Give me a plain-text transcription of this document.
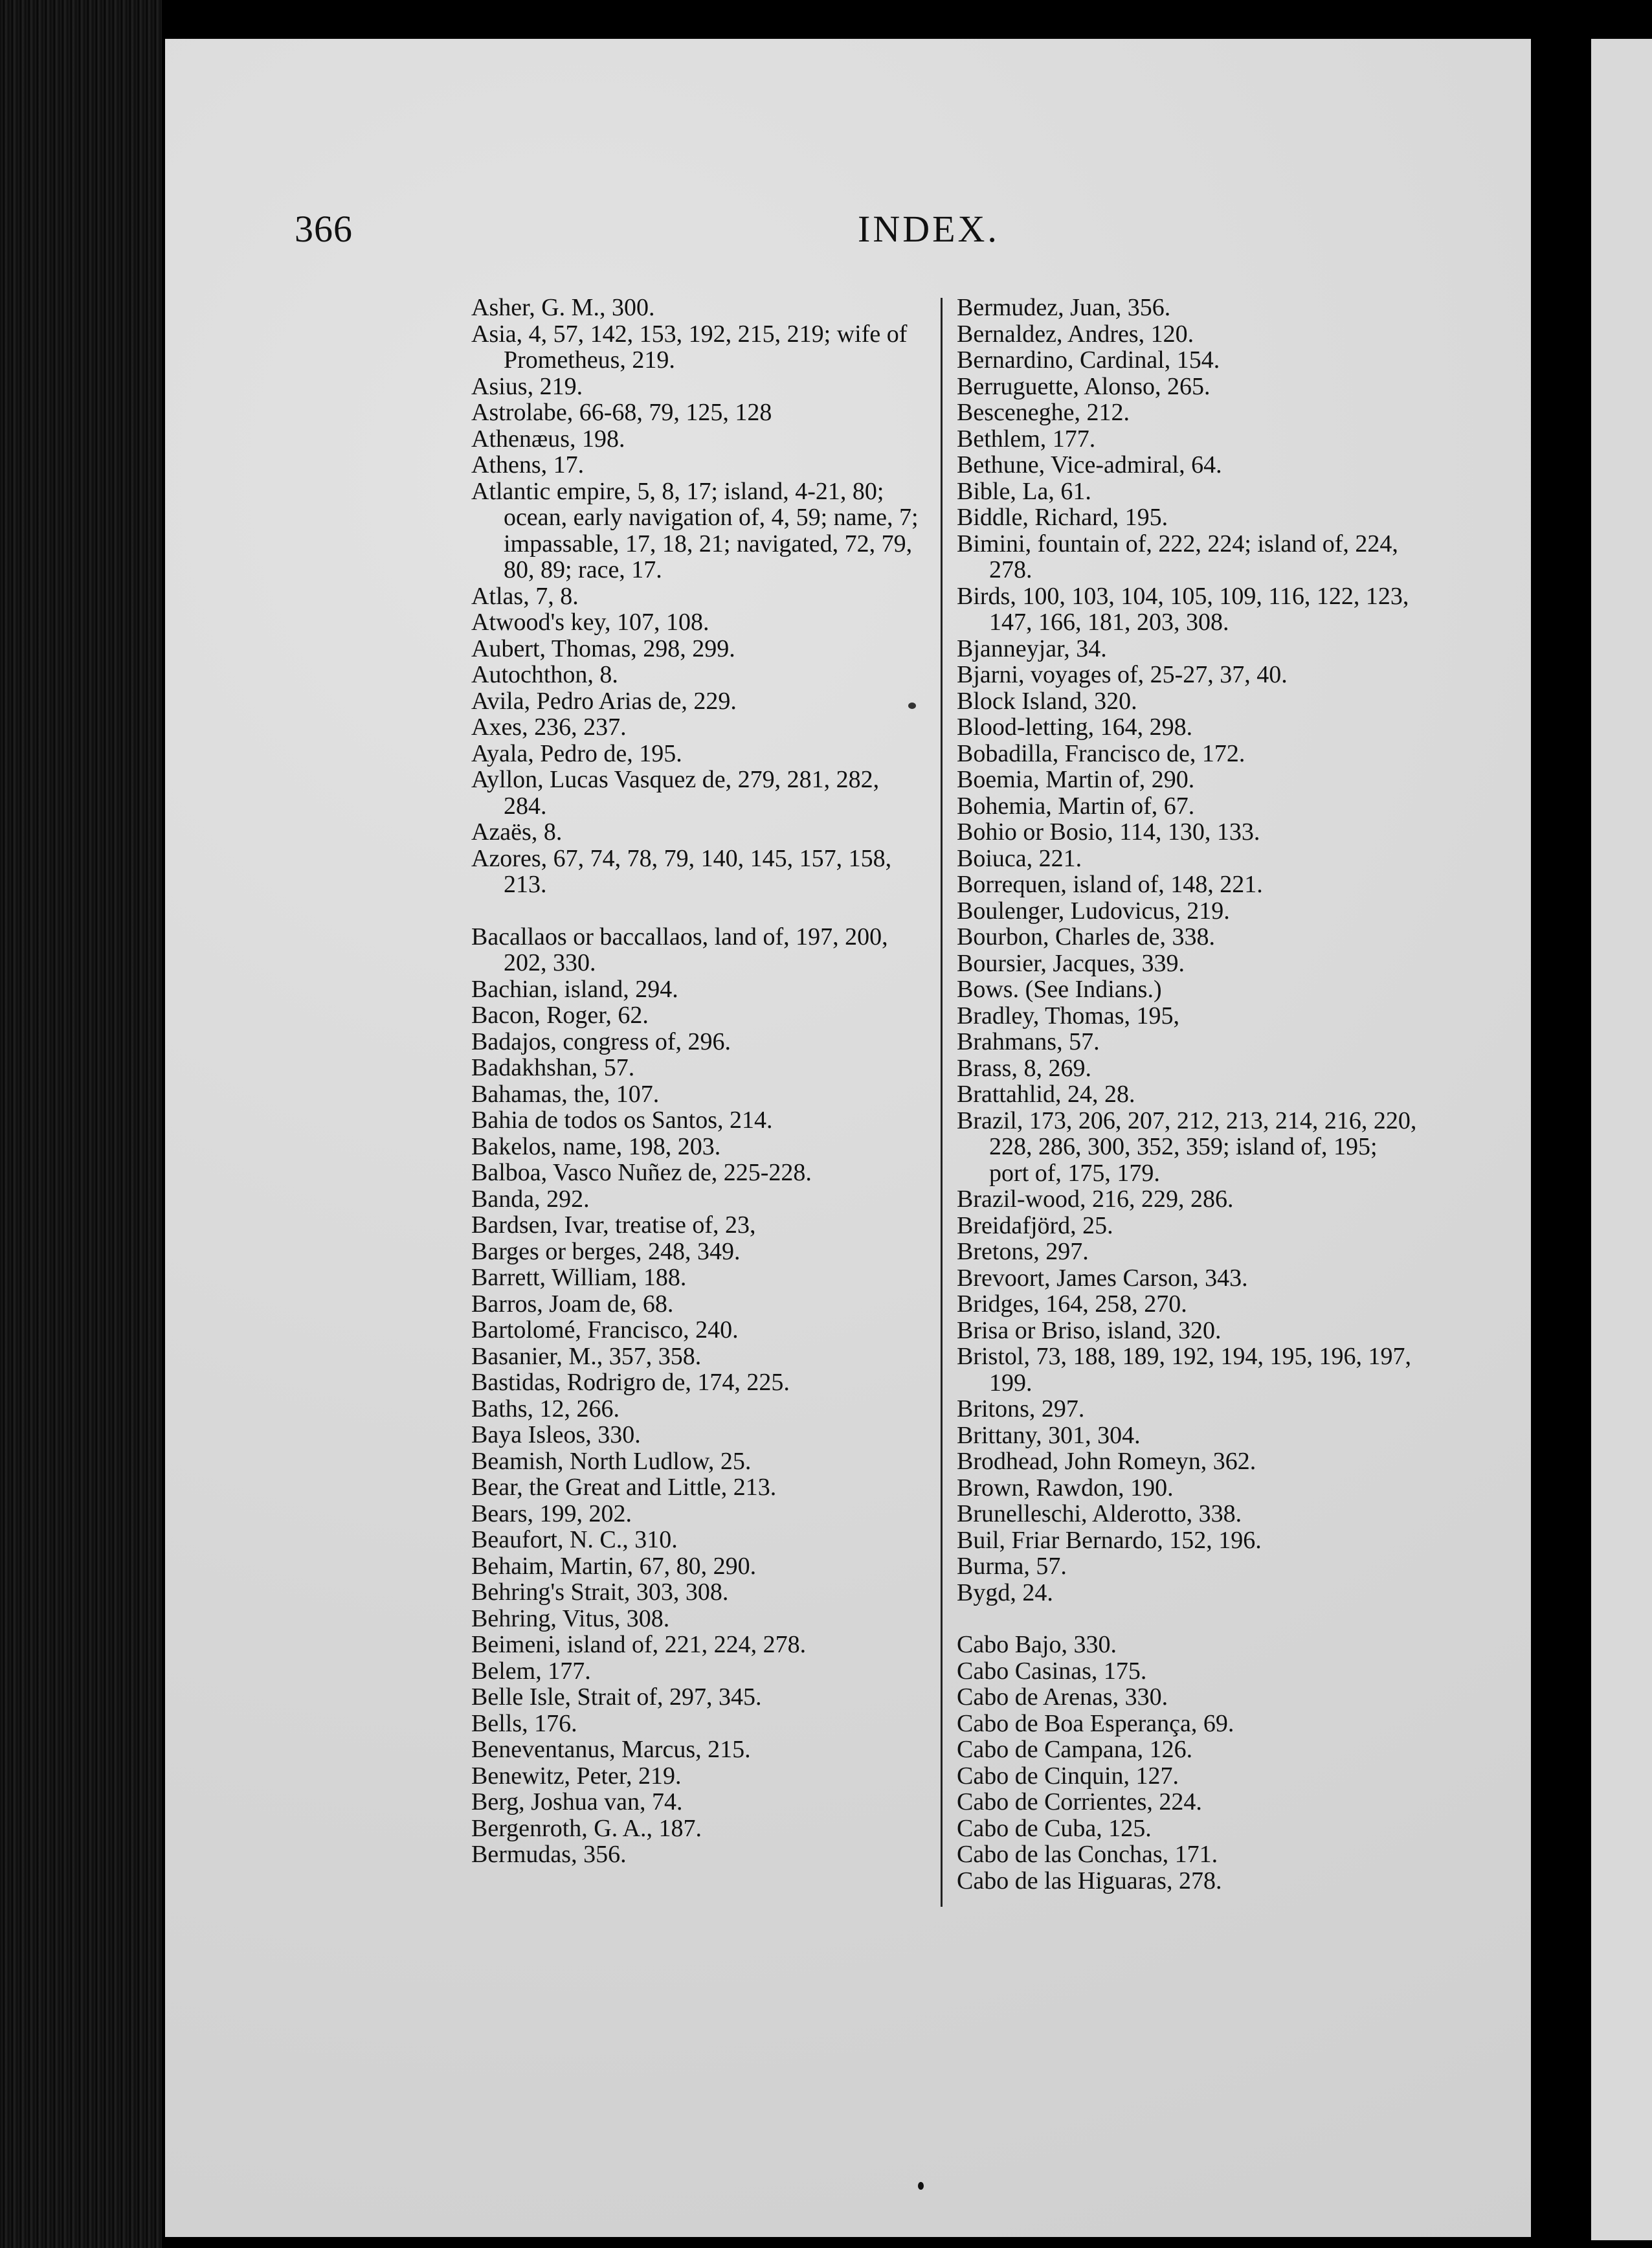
366	INDEX.
Asher, G. M., 300.
Asia, 4, 57, 142, 153, 192, 215, 219; wife of Prometheus, 219.
Asius, 219.
Astrolabe, 66-68, 79, 125, 128
Athenæus, 198.
Athens, 17.
Atlantic empire, 5, 8, 17; island, 4-21, 80; ocean, early navigation of, 4, 59; name, 7; impassable, 17, 18, 21; navigated, 72, 79, 80, 89; race, 17.
Atlas, 7, 8.
Atwood's key, 107, 108.
Aubert, Thomas, 298, 299.
Autochthon, 8.
Avila, Pedro Arias de, 229.
Axes, 236, 237.
Ayala, Pedro de, 195.
Ayllon, Lucas Vasquez de, 279, 281, 282, 284.
Azaës, 8.
Azores, 67, 74, 78, 79, 140, 145, 157, 158, 213.
Bacallaos or baccallaos, land of, 197, 200, 202, 330.
Bachian, island, 294.
Bacon, Roger, 62.
Badajos, congress of, 296.
Badakhshan, 57.
Bahamas, the, 107.
Bahia de todos os Santos, 214.
Bakelos, name, 198, 203.
Balboa, Vasco Nuñez de, 225-228.
Banda, 292.
Bardsen, Ivar, treatise of, 23,
Barges or berges, 248, 349.
Barrett, William, 188.
Barros, Joam de, 68.
Bartolomé, Francisco, 240.
Basanier, M., 357, 358.
Bastidas, Rodrigro de, 174, 225.
Baths, 12, 266.
Baya Isleos, 330.
Beamish, North Ludlow, 25.
Bear, the Great and Little, 213.
Bears, 199, 202.
Beaufort, N. C., 310.
Behaim, Martin, 67, 80, 290.
Behring's Strait, 303, 308.
Behring, Vitus, 308.
Beimeni, island of, 221, 224, 278.
Belem, 177.
Belle Isle, Strait of, 297, 345.
Bells, 176.
Beneventanus, Marcus, 215.
Benewitz, Peter, 219.
Berg, Joshua van, 74.
Bergenroth, G. A., 187.
Bermudas, 356.
Bermudez, Juan, 356.
Bernaldez, Andres, 120.
Bernardino, Cardinal, 154.
Berruguette, Alonso, 265.
Besceneghe, 212.
Bethlem, 177.
Bethune, Vice-admiral, 64.
Bible, La, 61.
Biddle, Richard, 195.
Bimini, fountain of, 222, 224; island of, 224, 278.
Birds, 100, 103, 104, 105, 109, 116, 122, 123, 147, 166, 181, 203, 308.
Bjanneyjar, 34.
Bjarni, voyages of, 25-27, 37, 40.
Block Island, 320.
Blood-letting, 164, 298.
Bobadilla, Francisco de, 172.
Boemia, Martin of, 290.
Bohemia, Martin of, 67.
Bohio or Bosio, 114, 130, 133.
Boiuca, 221.
Borrequen, island of, 148, 221.
Boulenger, Ludovicus, 219.
Bourbon, Charles de, 338.
Boursier, Jacques, 339.
Bows. (See Indians.)
Bradley, Thomas, 195,
Brahmans, 57.
Brass, 8, 269.
Brattahlid, 24, 28.
Brazil, 173, 206, 207, 212, 213, 214, 216, 220, 228, 286, 300, 352, 359; island of, 195; port of, 175, 179.
Brazil-wood, 216, 229, 286.
Breidafjörd, 25.
Bretons, 297.
Brevoort, James Carson, 343.
Bridges, 164, 258, 270.
Brisa or Briso, island, 320.
Bristol, 73, 188, 189, 192, 194, 195, 196, 197, 199.
Britons, 297.
Brittany, 301, 304.
Brodhead, John Romeyn, 362.
Brown, Rawdon, 190.
Brunelleschi, Alderotto, 338.
Buil, Friar Bernardo, 152, 196.
Burma, 57.
Bygd, 24.
Cabo Bajo, 330.
Cabo Casinas, 175.
Cabo de Arenas, 330.
Cabo de Boa Esperança, 69.
Cabo de Campana, 126.
Cabo de Cinquin, 127.
Cabo de Corrientes, 224.
Cabo de Cuba, 125.
Cabo de las Conchas, 171.
Cabo de las Higuaras, 278.
